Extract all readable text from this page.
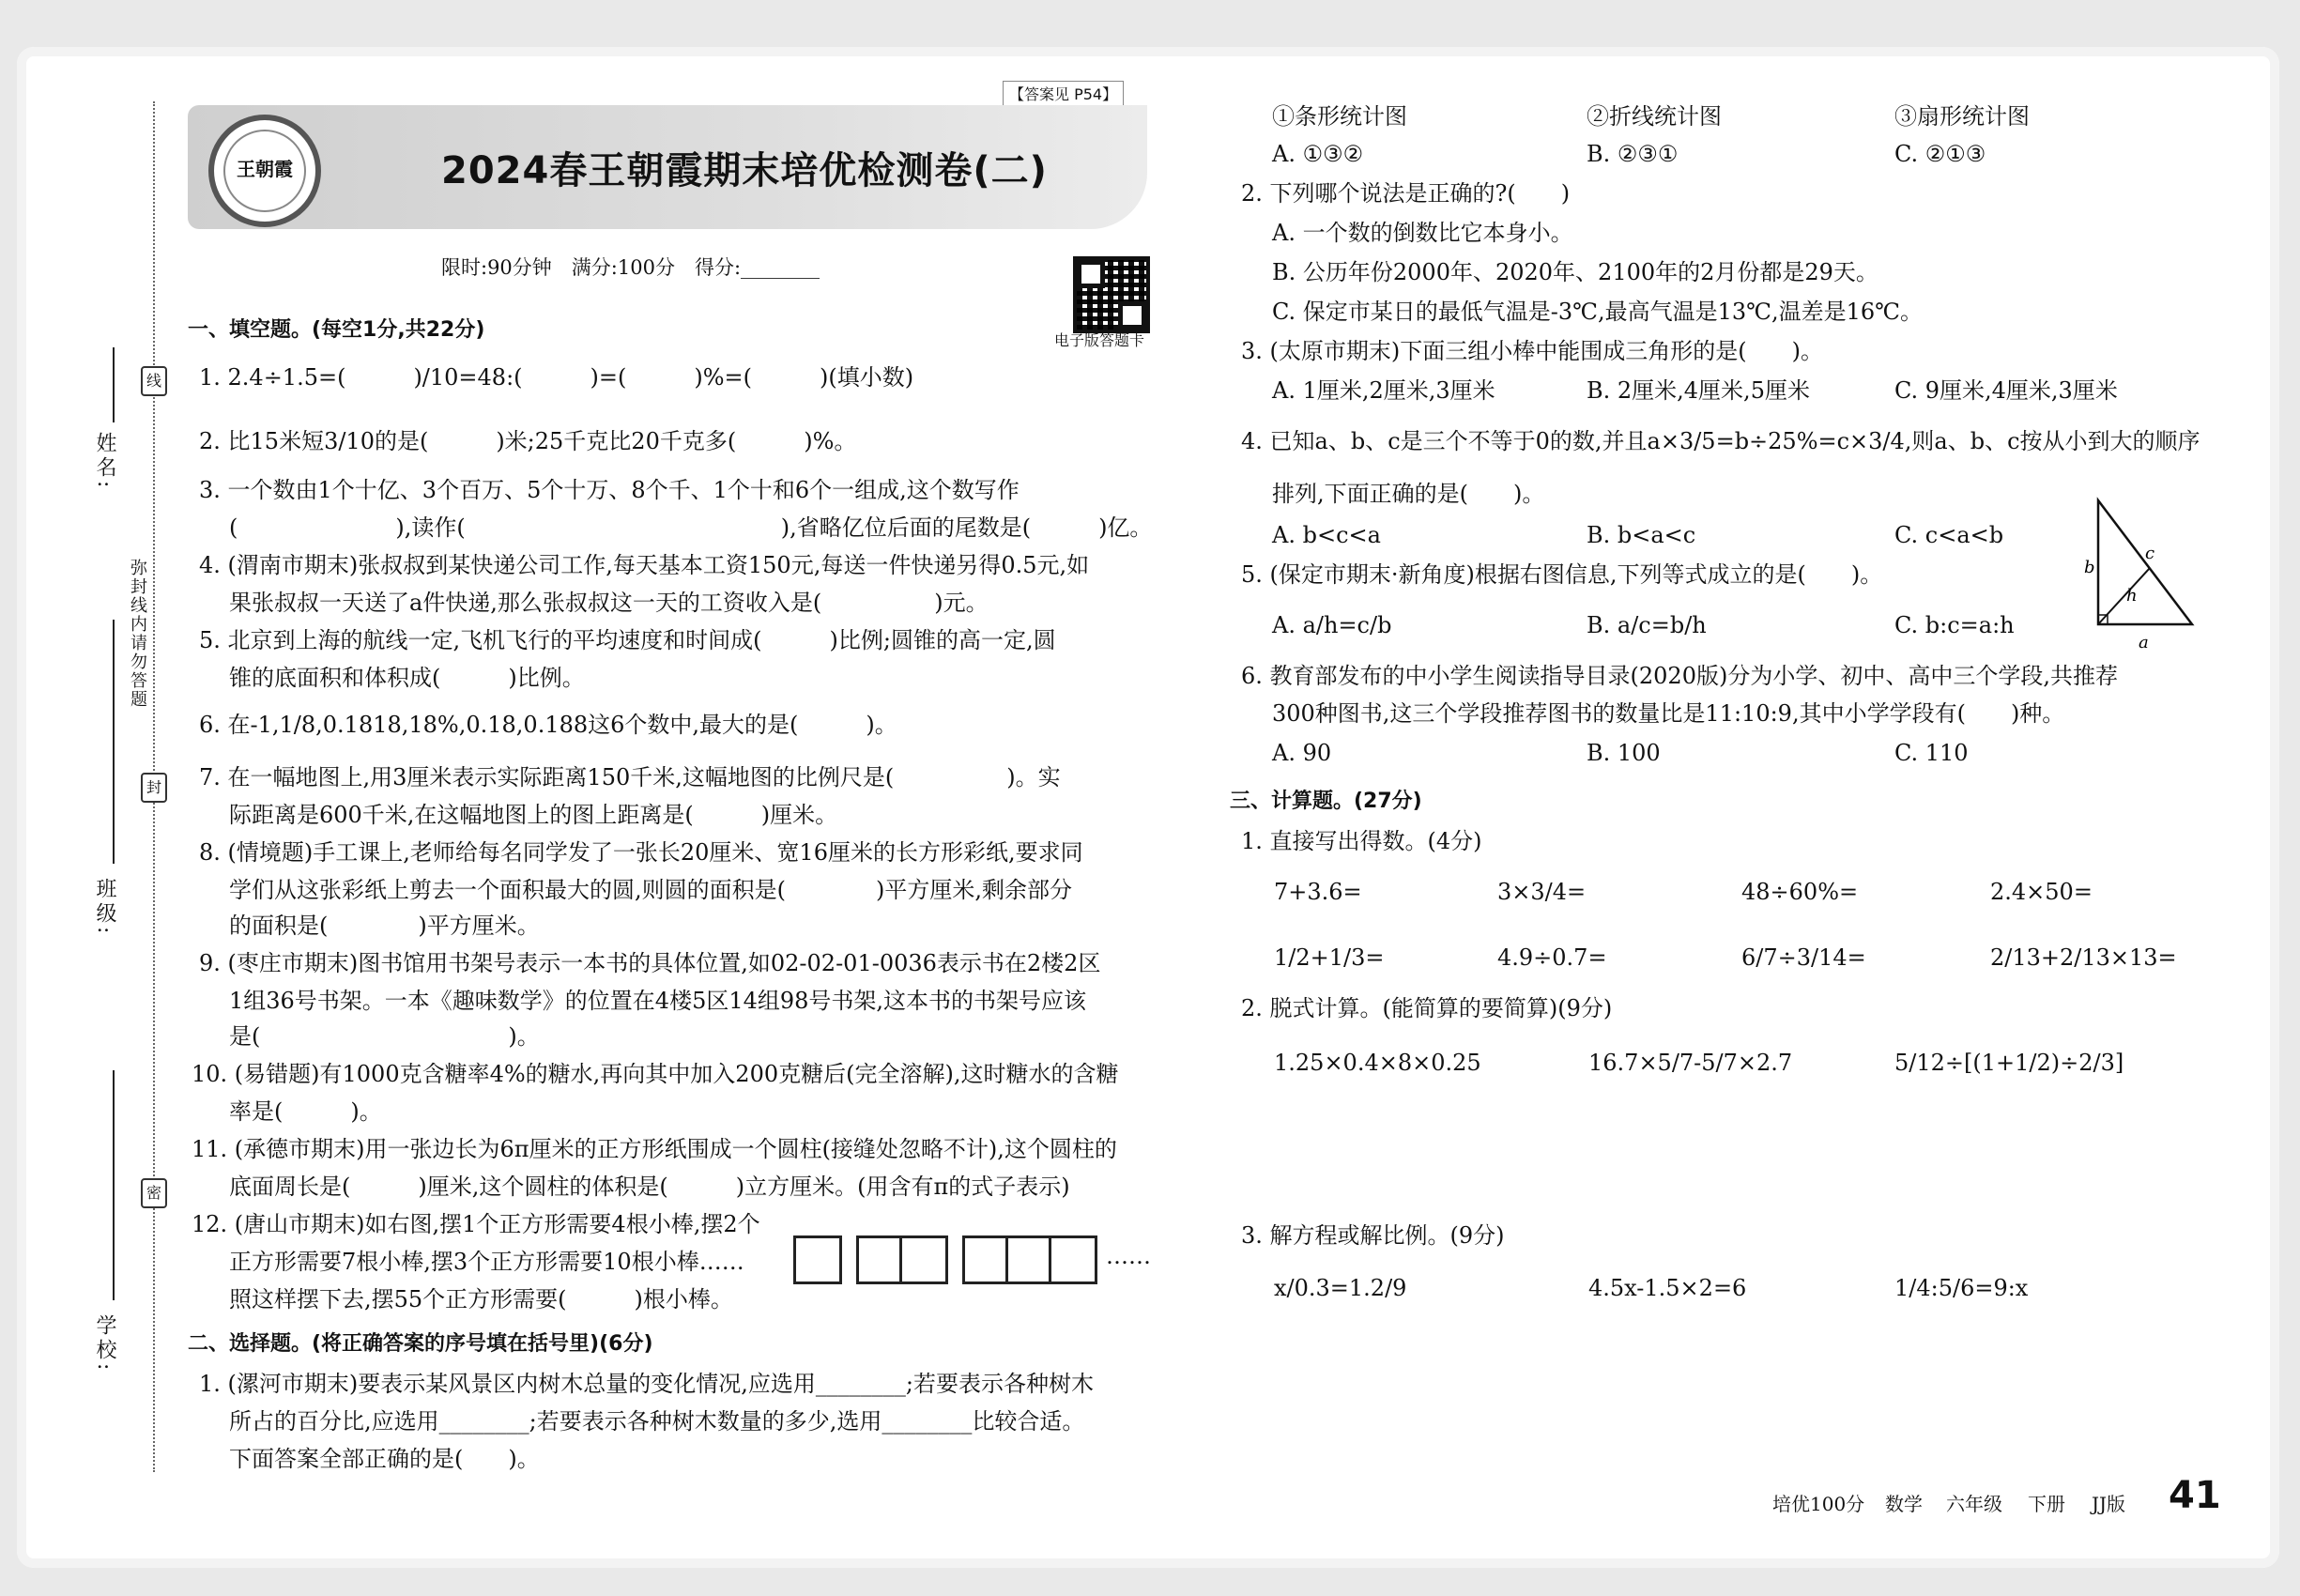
姓名:
班级:
学校:
弥封线内请勿答题
线
封
密
【答案见 P54】
王朝霞	2024春王朝霞期末培优检测卷(二)
限时:90分钟　满分:100分　得分:________
电子版答题卡
一、填空题。(每空1分,共22分)
1. 2.4÷1.5=(　　　)/10=48:(　　　)=(　　　)%=(　　　)(填小数)
2. 比15米短3/10的是(　　　)米;25千克比20千克多(　　　)%。
3. 一个数由1个十亿、3个百万、5个十万、8个千、1个十和6个一组成,这个数写作
(　　　　　　　),读作(　　　　　　　　　　　　　　),省略亿位后面的尾数是(　　　)亿。
4. (渭南市期末)张叔叔到某快递公司工作,每天基本工资150元,每送一件快递另得0.5元,如
果张叔叔一天送了a件快递,那么张叔叔这一天的工资收入是(　　　　　)元。
5. 北京到上海的航线一定,飞机飞行的平均速度和时间成(　　　)比例;圆锥的高一定,圆
锥的底面积和体积成(　　　)比例。
6. 在-1,1/8,0.1818,18%,0.18,0.188这6个数中,最大的是(　　　)。
7. 在一幅地图上,用3厘米表示实际距离150千米,这幅地图的比例尺是(　　　　　)。实
际距离是600千米,在这幅地图上的图上距离是(　　　)厘米。
8. (情境题)手工课上,老师给每名同学发了一张长20厘米、宽16厘米的长方形彩纸,要求同
学们从这张彩纸上剪去一个面积最大的圆,则圆的面积是(　　　　)平方厘米,剩余部分
的面积是(　　　　)平方厘米。
9. (枣庄市期末)图书馆用书架号表示一本书的具体位置,如02-02-01-0036表示书在2楼2区
1组36号书架。一本《趣味数学》的位置在4楼5区14组98号书架,这本书的书架号应该
是(　　　　　　　　　　　)。
10. (易错题)有1000克含糖率4%的糖水,再向其中加入200克糖后(完全溶解),这时糖水的含糖
率是(　　　)。
11. (承德市期末)用一张边长为6π厘米的正方形纸围成一个圆柱(接缝处忽略不计),这个圆柱的
底面周长是(　　　)厘米,这个圆柱的体积是(　　　)立方厘米。(用含有π的式子表示)
12. (唐山市期末)如右图,摆1个正方形需要4根小棒,摆2个
正方形需要7根小棒,摆3个正方形需要10根小棒……
照这样摆下去,摆55个正方形需要(　　　)根小棒。
……
二、选择题。(将正确答案的序号填在括号里)(6分)
1. (漯河市期末)要表示某风景区内树木总量的变化情况,应选用________;若要表示各种树木
所占的百分比,应选用________;若要表示各种树木数量的多少,选用________比较合适。
下面答案全部正确的是(　　)。
①条形统计图	②折线统计图	③扇形统计图
A. ①③②	B. ②③①	C. ②①③
2. 下列哪个说法是正确的?(　　)
A. 一个数的倒数比它本身小。
B. 公历年份2000年、2020年、2100年的2月份都是29天。
C. 保定市某日的最低气温是-3℃,最高气温是13℃,温差是16℃。
3. (太原市期末)下面三组小棒中能围成三角形的是(　　)。
A. 1厘米,2厘米,3厘米	B. 2厘米,4厘米,5厘米	C. 9厘米,4厘米,3厘米
4. 已知a、b、c是三个不等于0的数,并且a×3/5=b÷25%=c×3/4,则a、b、c按从小到大的顺序
排列,下面正确的是(　　)。
A. b<c<a	B. b<a<c	C. c<a<b
5. (保定市期末·新角度)根据右图信息,下列等式成立的是(　　)。
A. a/h=c/b	B. a/c=b/h	C. b:c=a:h
b
c
h
a
6. 教育部发布的中小学生阅读指导目录(2020版)分为小学、初中、高中三个学段,共推荐
300种图书,这三个学段推荐图书的数量比是11:10:9,其中小学学段有(　　)种。
A. 90	B. 100	C. 110
三、计算题。(27分)
1. 直接写出得数。(4分)
7+3.6=	3×3/4=	48÷60%=	2.4×50=
1/2+1/3=	4.9÷0.7=	6/7÷3/14=	2/13+2/13×13=
2. 脱式计算。(能简算的要简算)(9分)
1.25×0.4×8×0.25	16.7×5/7-5/7×2.7	5/12÷[(1+1/2)÷2/3]
3. 解方程或解比例。(9分)
x/0.3=1.2/9	4.5x-1.5×2=6	1/4:5/6=9:x
培优100分 数学 六年级 下册 JJ版 41
